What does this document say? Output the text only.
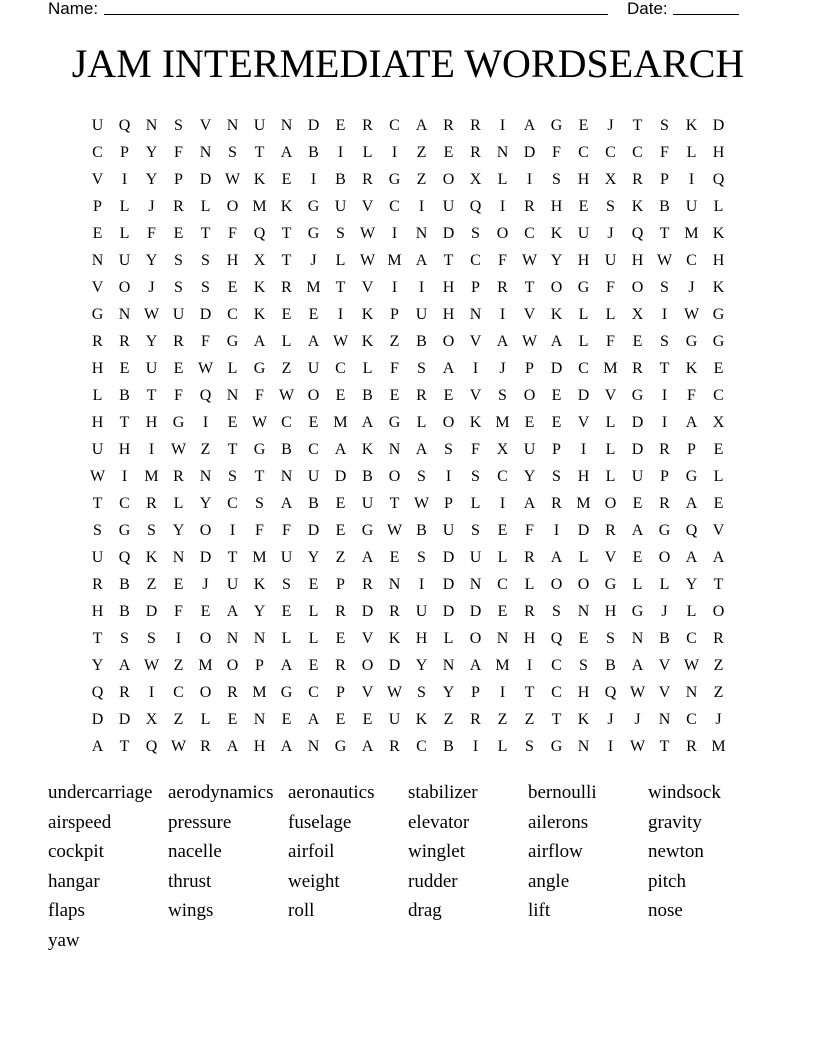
Name:	Date:
JAM INTERMEDIATE WORDSEARCH
U Q N	S	V N U N D	E	R	C A R	R	I	A G	E	J	T	S	K D
C	P	Y	F	N	S	T	A B	I	L	I	Z	E	R N D	F	C	C	C	F	L	H
V	I	Y	P	D W K	E	I	B	R G	Z	O X	L	I	S	H X R	P	I	Q
P	L	J	R	L	O M K G U V C	I	U Q	I	R H	E	S	K B U	L
E	L	F	E	T	F	Q	T	G	S W	I	N D	S	O C K U	J	Q	T M K
N U Y	S	S	H X	T	J	L W M A	T	C	F W Y H U H W C H
V O	J	S	S	E	K R M T	V	I	I	H	P	R	T	O G	F	O	S	J	K
G N W U D C K	E	E	I	K	P	U H N	I	V K	L	L	X	I	W G
R	R Y R	F	G A	L	A W K	Z	B O V A W A	L	F	E	S	G G
H	E	U	E W L	G	Z	U C	L	F	S	A	I	J	P	D C M R	T	K	E
L	B	T	F	Q N	F W O	E	B	E	R	E	V	S	O	E	D V G	I	F	C
H	T	H G	I	E W C	E M A G	L	O K M E	E	V	L	D	I	A X
U H	I	W Z	T	G B	C A K N A	S	F	X U	P	I	L	D R	P	E
W	I	M R N	S	T	N U D B O	S	I	S	C Y	S	H	L	U	P	G	L
T	C	R	L	Y C	S	A B	E	U	T W P	L	I	A R M O	E	R A	E
S	G	S	Y O	I	F	F	D	E	G W B U	S	E	F	I	D R A G Q V
U Q K N D	T M U Y	Z	A	E	S	D U	L	R A	L	V	E	O A A
R	B	Z	E	J	U K	S	E	P	R N	I	D N C	L	O O G	L	L	Y	T
H B D	F	E	A Y	E	L	R D R U D D	E	R	S	N H G	J	L	O
T	S	S	I	O N N	L	L	E	V K H	L	O N H Q	E	S	N B	C	R
Y A W Z M O	P	A	E	R O D Y N A M	I	C	S	B A V W Z
Q R	I	C O R M G C	P	V W S	Y	P	I	T	C H Q W V N	Z
D D X	Z	L	E	N	E	A	E	E	U K	Z	R	Z	Z	T	K	J	J	N C	J
A	T	Q W R A H A N G A R	C	B	I	L	S	G N	I	W T	R M
undercarriage aerodynamics aeronautics	stabilizer	bernoulli	windsock
airspeed	pressure	fuselage	elevator	ailerons	gravity
cockpit	nacelle	airfoil	winglet	airflow	newton
hangar	thrust	weight	rudder	angle	pitch
flaps	wings	roll	drag	lift	nose
yaw
